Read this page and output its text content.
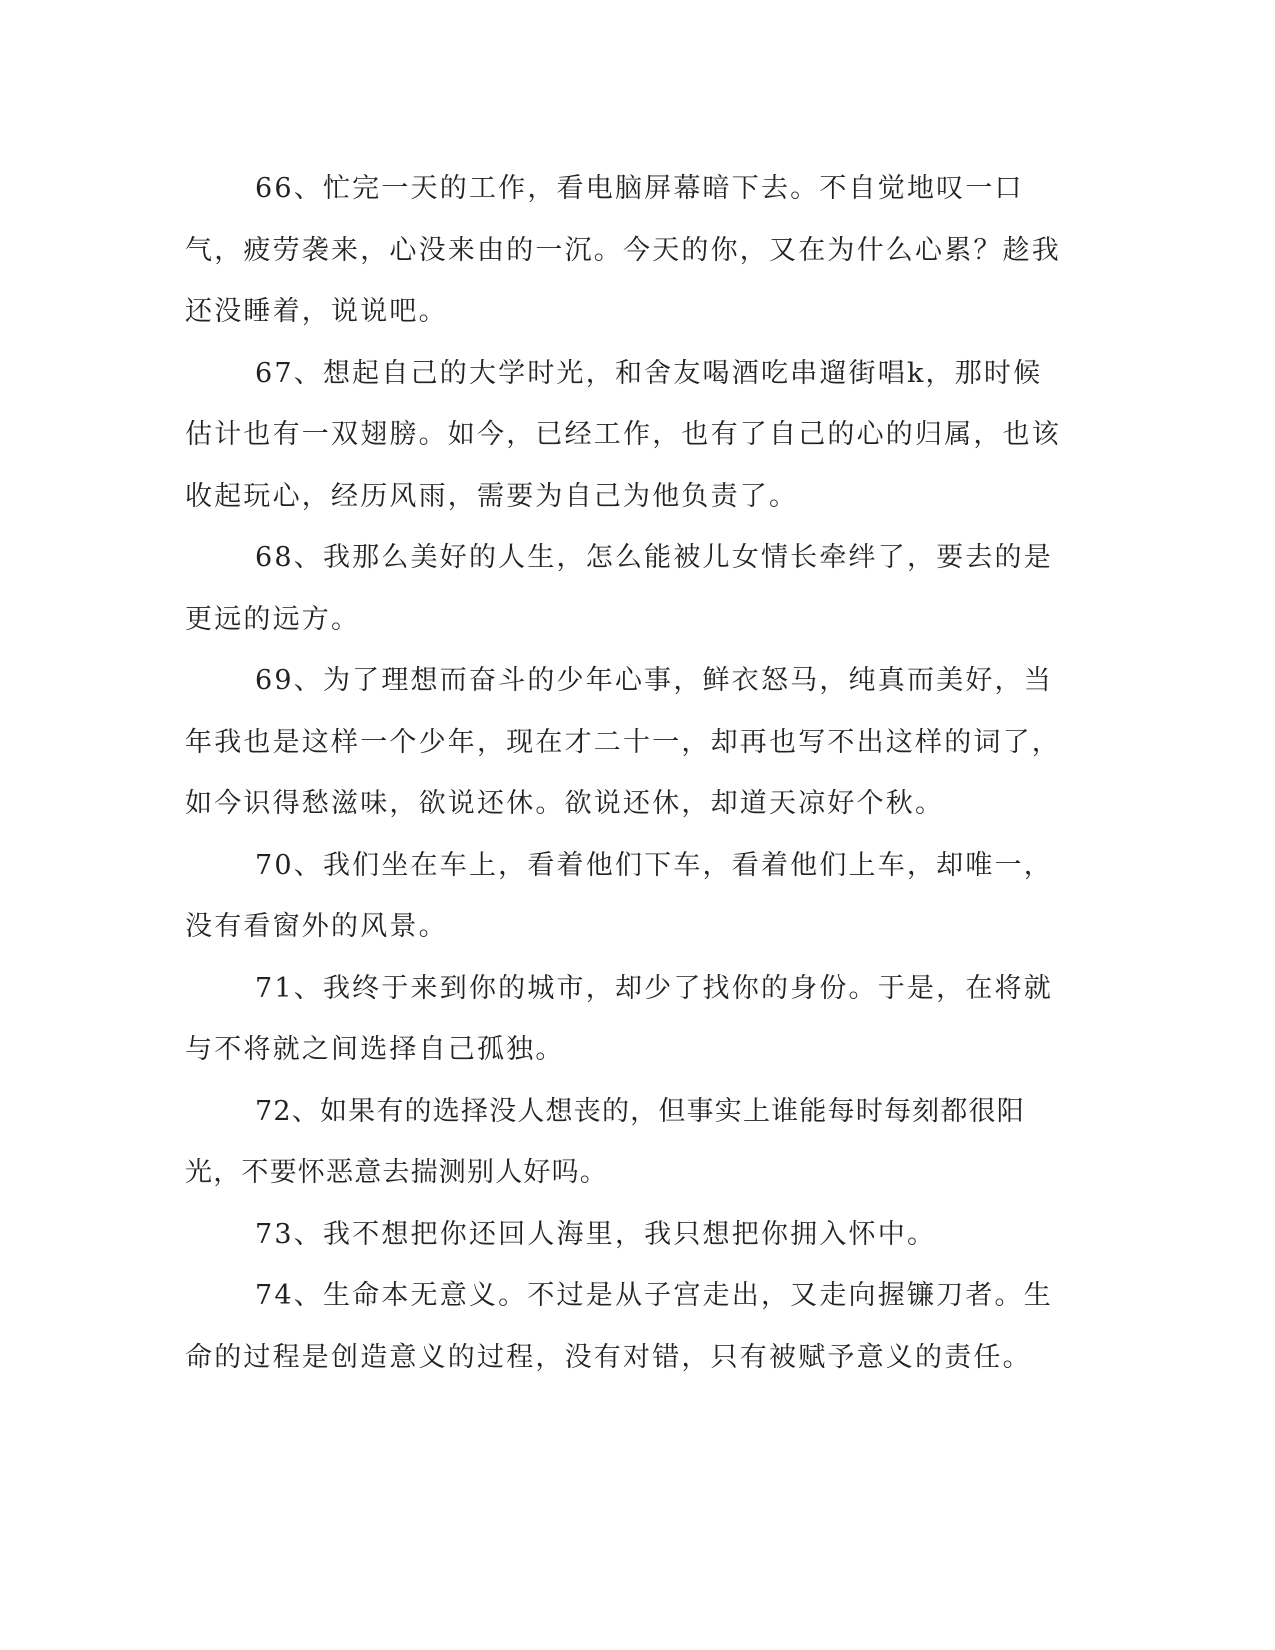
66、忙完一天的工作，看电脑屏幕暗下去。不自觉地叹一口气，疲劳袭来，心没来由的一沉。今天的你，又在为什么心累？趁我还没睡着，说说吧。

67、想起自己的大学时光，和舍友喝酒吃串遛街唱k，那时候估计也有一双翅膀。如今，已经工作，也有了自己的心的归属，也该收起玩心，经历风雨，需要为自己为他负责了。

68、我那么美好的人生，怎么能被儿女情长牵绊了，要去的是更远的远方。

69、为了理想而奋斗的少年心事，鲜衣怒马，纯真而美好，当年我也是这样一个少年，现在才二十一，却再也写不出这样的词了，如今识得愁滋味，欲说还休。欲说还休，却道天凉好个秋。

70、我们坐在车上，看着他们下车，看着他们上车，却唯一，没有看窗外的风景。

71、我终于来到你的城市，却少了找你的身份。于是，在将就与不将就之间选择自己孤独。

72、如果有的选择没人想丧的，但事实上谁能每时每刻都很阳光，不要怀恶意去揣测别人好吗。

73、我不想把你还回人海里，我只想把你拥入怀中。

74、生命本无意义。不过是从子宫走出，又走向握镰刀者。生命的过程是创造意义的过程，没有对错，只有被赋予意义的责任。
